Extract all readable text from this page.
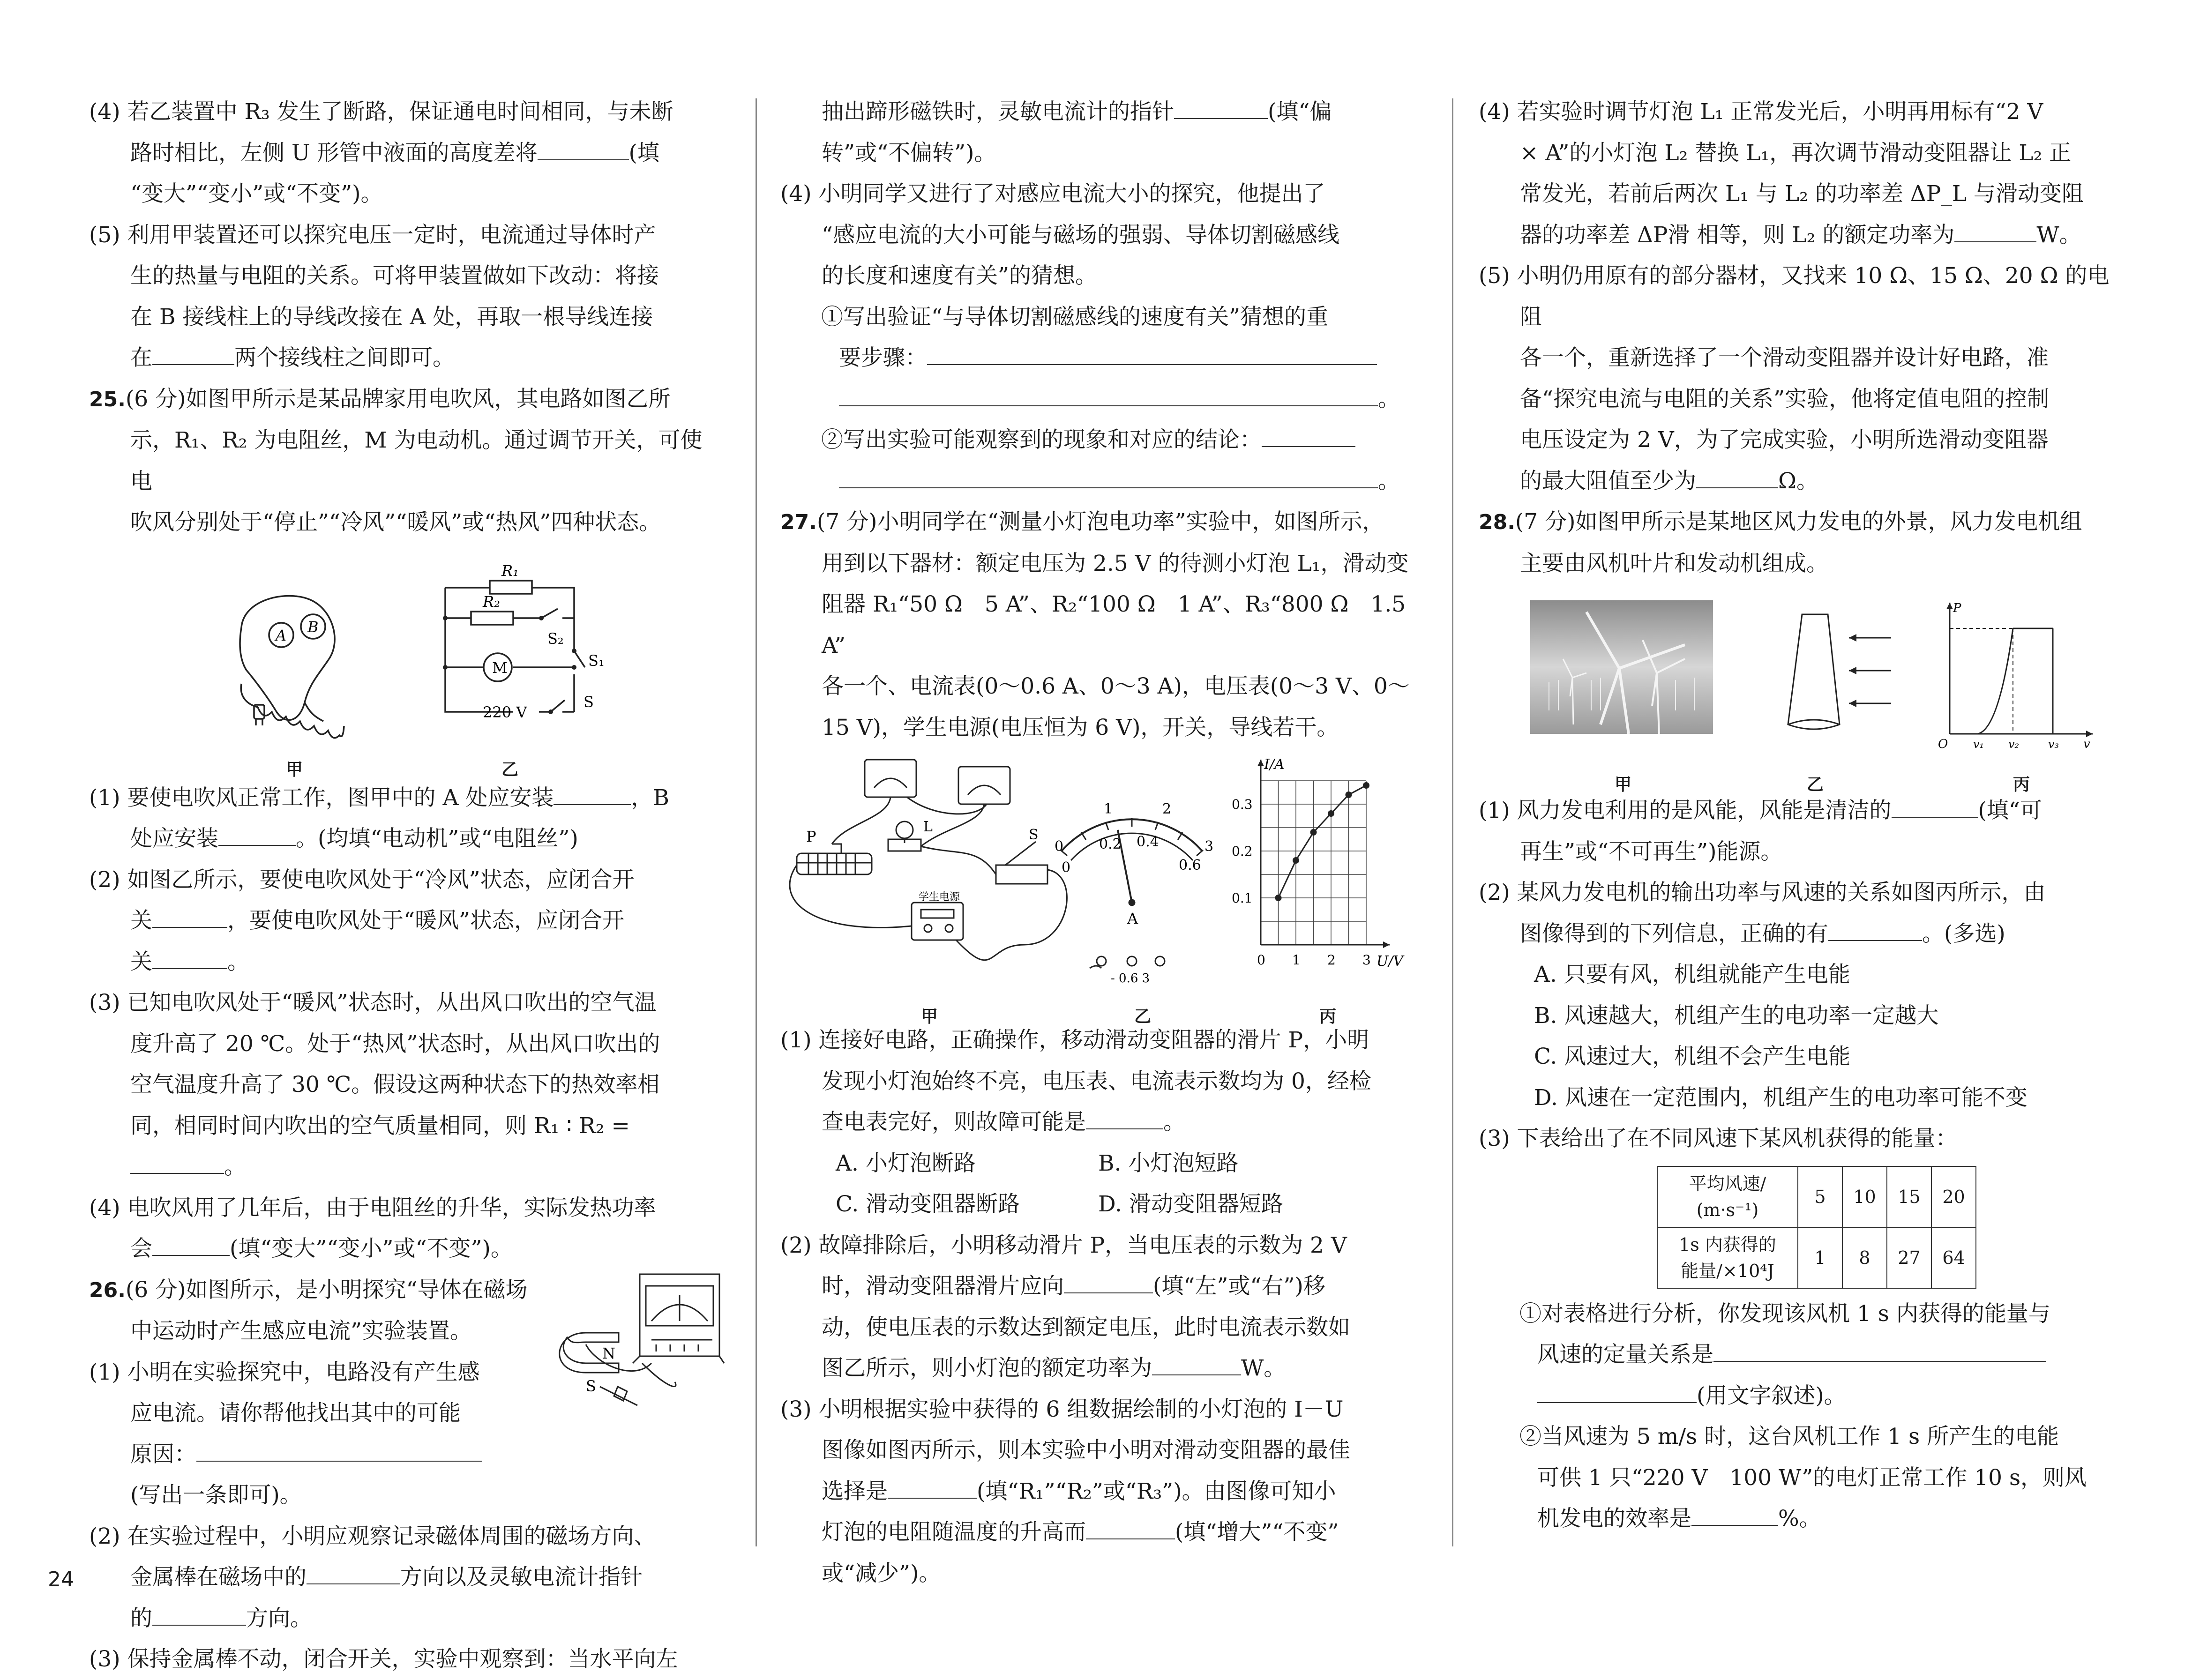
(4) 若乙装置中 R₃ 发生了断路，保证通电时间相同，与未断
路时相比，左侧 U 形管中液面的高度差将	(填
“变大”“变小”或“不变”)。
(5) 利用甲装置还可以探究电压一定时，电流通过导体时产
生的热量与电阻的关系。可将甲装置做如下改动：将接
在 B 接线柱上的导线改接在 A 处，再取一根导线连接
在	两个接线柱之间即可。
25.(6 分)如图甲所示是某品牌家用电吹风，其电路如图乙所
示，R₁、R₂ 为电阻丝，M 为电动机。通过调节开关，可使电
吹风分别处于“停止”“冷风”“暖风”或“热风”四种状态。
A B
R₁
R₂
M	S₁
S₂
S
220 V
甲	乙
(1) 要使电吹风正常工作，图甲中的 A 处应安装	，B
处应安装	。(均填“电动机”或“电阻丝”)
(2) 如图乙所示，要使电吹风处于“冷风”状态，应闭合开
关	，要使电吹风处于“暖风”状态，应闭合开
关	。
(3) 已知电吹风处于“暖风”状态时，从出风口吹出的空气温
度升高了 20 ℃。处于“热风”状态时，从出风口吹出的
空气温度升高了 30 ℃。假设这两种状态下的热效率相
同，相同时间内吹出的空气质量相同，则 R₁ ∶ R₂ =
。
(4) 电吹风用了几年后，由于电阻丝的升华，实际发热功率
会	(填“变大”“变小”或“不变”)。
26.(6 分)如图所示，是小明探究“导体在磁场
中运动时产生感应电流”实验装置。
(1) 小明在实验探究中，电路没有产生感
应电流。请你帮他找出其中的可能
原因：(写出一条即可)。
N
S
(2) 在实验过程中，小明应观察记录磁体周围的磁场方向、
金属棒在磁场中的	方向以及灵敏电流计指针
的	方向。
(3) 保持金属棒不动，闭合开关，实验中观察到：当水平向左
抽出蹄形磁铁时，灵敏电流计的指针	(填“偏
转”或“不偏转”)。
(4) 小明同学又进行了对感应电流大小的探究，他提出了
“感应电流的大小可能与磁场的强弱、导体切割磁感线
的长度和速度有关”的猜想。
①写出验证“与导体切割磁感线的速度有关”猜想的重
要步骤：
。
②写出实验可能观察到的现象和对应的结论：
。
27.(7 分)小明同学在“测量小灯泡电功率”实验中，如图所示，
用到以下器材：额定电压为 2.5 V 的待测小灯泡 L₁，滑动变
阻器 R₁“50 Ω　5 A”、R₂“100 Ω　1 A”、R₃“800 Ω　1.5 A”
各一个、电流表(0～0.6 A、0～3 A)，电压表(0～3 V、0～
15 V)，学生电源(电压恒为 6 V)，开关，导线若干。
P
L	S
学生电源
0
0.2 0.4
0.6
0
1	2
3
A
- 0.6 3
0 1 2 3
0.1
0.2
0.3
I/A
U/V
甲	乙	丙
(1) 连接好电路，正确操作，移动滑动变阻器的滑片 P，小明
发现小灯泡始终不亮，电压表、电流表示数均为 0，经检
查电表完好，则故障可能是	。
A. 小灯泡断路	B. 小灯泡短路
C. 滑动变阻器断路	D. 滑动变阻器短路
(2) 故障排除后，小明移动滑片 P，当电压表的示数为 2 V
时，滑动变阻器滑片应向	(填“左”或“右”)移
动，使电压表的示数达到额定电压，此时电流表示数如
图乙所示，则小灯泡的额定功率为	W。
(3) 小明根据实验中获得的 6 组数据绘制的小灯泡的 I－U
图像如图丙所示，则本实验中小明对滑动变阻器的最佳
选择是	(填“R₁”“R₂”或“R₃”)。由图像可知小
灯泡的电阻随温度的升高而	(填“增大”“不变”
或“减少”)。
(4) 若实验时调节灯泡 L₁ 正常发光后，小明再用标有“2 V
× A”的小灯泡 L₂ 替换 L₁，再次调节滑动变阻器让 L₂ 正
常发光，若前后两次 L₁ 与 L₂ 的功率差 ΔP_L 与滑动变阻
器的功率差 ΔP滑 相等，则 L₂ 的额定功率为	W。
(5) 小明仍用原有的部分器材，又找来 10 Ω、15 Ω、20 Ω 的电阻
各一个，重新选择了一个滑动变阻器并设计好电路，准
备“探究电流与电阻的关系”实验，他将定值电阻的控制
电压设定为 2 V，为了完成实验，小明所选滑动变阻器
的最大阻值至少为	Ω。
28.(7 分)如图甲所示是某地区风力发电的外景，风力发电机组
主要由风机叶片和发动机组成。
P
O v₁ v₂	v₃ v
甲	乙	丙
(1) 风力发电利用的是风能，风能是清洁的	(填“可
再生”或“不可再生”)能源。
(2) 某风力发电机的输出功率与风速的关系如图丙所示，由
图像得到的下列信息，正确的有	。(多选)
A. 只要有风，机组就能产生电能
B. 风速越大，机组产生的电功率一定越大
C. 风速过大，机组不会产生电能
D. 风速在一定范围内，机组产生的电功率可能不变
(3) 下表给出了在不同风速下某风机获得的能量：
平均风速/
(m·s⁻¹)	5	10	15	20
1s 内获得的
能量/×10⁴J	1	8	27	64
①对表格进行分析，你发现该风机 1 s 内获得的能量与
风速的定量关系是
(用文字叙述)。
②当风速为 5 m/s 时，这台风机工作 1 s 所产生的电能
可供 1 只“220 V　100 W”的电灯正常工作 10 s，则风
机发电的效率是	%。
24
